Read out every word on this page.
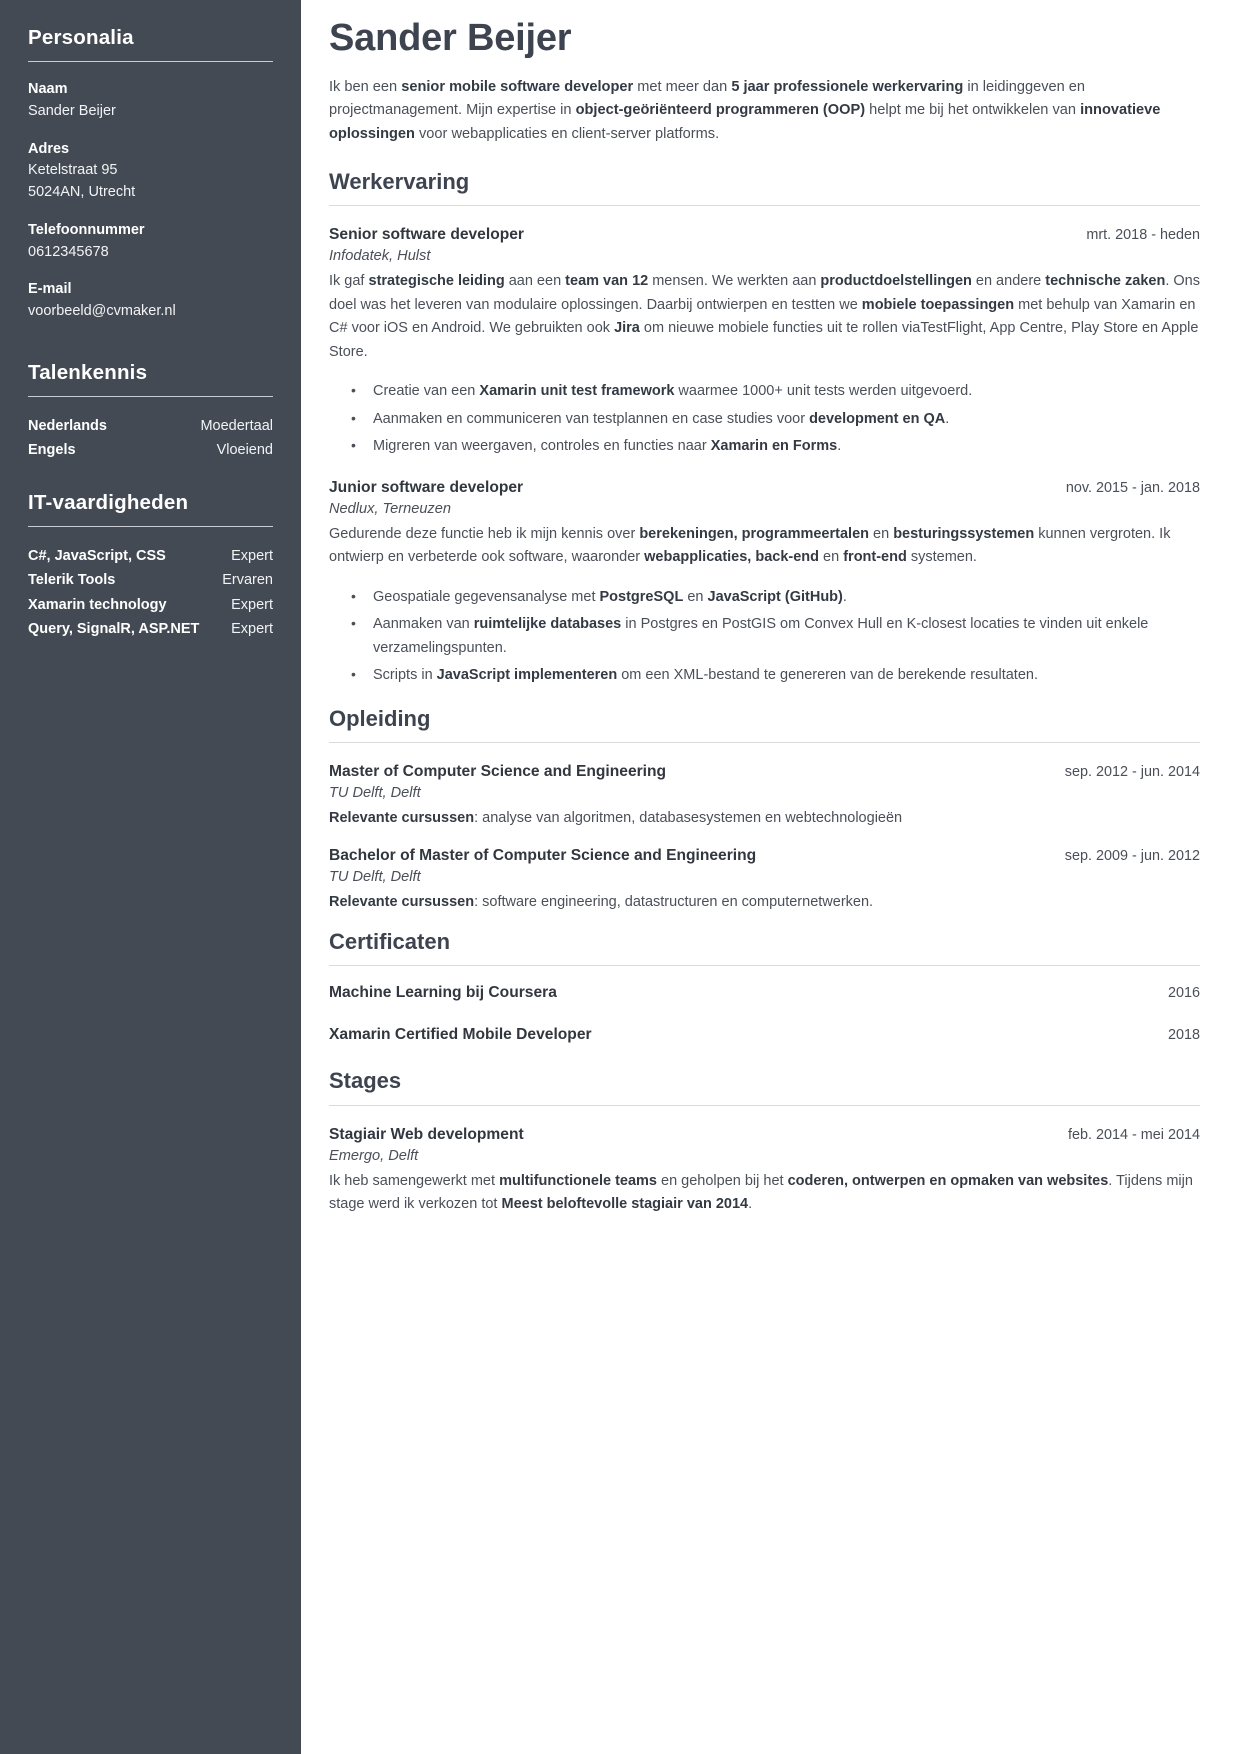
Personalia
Naam
Sander Beijer
Adres
Ketelstraat 95
5024AN, Utrecht
Telefoonnummer
0612345678
E-mail
voorbeeld@cvmaker.nl
Talenkennis
Nederlands	Moedertaal
Engels	Vloeiend
IT-vaardigheden
C#, JavaScript, CSS	Expert
Telerik Tools	Ervaren
Xamarin technology	Expert
Query, SignalR, ASP.NET Expert
Sander Beijer

Ik ben een senior mobile software developer met meer dan 5 jaar professionele werkervaring in leidinggeven en projectmanagement. Mijn expertise in object-geöriënteerd programmeren (OOP) helpt me bij het ontwikkelen van innovatieve oplossingen voor webapplicaties en client-server platforms.

Werkervaring
Senior software developer	mrt. 2018 - heden
Infodatek, Hulst

Ik gaf strategische leiding aan een team van 12 mensen. We werkten aan productdoelstellingen en andere technische zaken. Ons doel was het leveren van modulaire oplossingen. Daarbij ontwierpen en testten we mobiele toepassingen met behulp van Xamarin en C# voor iOS en Android. We gebruikten ook Jira om nieuwe mobiele functies uit te rollen viaTestFlight, App Centre, Play Store en Apple Store.

• Creatie van een Xamarin unit test framework waarmee 1000+ unit tests werden uitgevoerd.
• Aanmaken en communiceren van testplannen en case studies voor development en QA.
• Migreren van weergaven, controles en functies naar Xamarin en Forms.
Junior software developer	nov. 2015 - jan. 2018
Nedlux, Terneuzen

Gedurende deze functie heb ik mijn kennis over berekeningen, programmeertalen en besturingssystemen kunnen vergroten. Ik ontwierp en verbeterde ook software, waaronder webapplicaties, back-end en front-end systemen.

• Geospatiale gegevensanalyse met PostgreSQL en JavaScript (GitHub).
• Aanmaken van ruimtelijke databases in Postgres en PostGIS om Convex Hull en K-closest locaties te vinden uit enkele verzamelingspunten.
• Scripts in JavaScript implementeren om een XML-bestand te genereren van de berekende resultaten.
Opleiding
Master of Computer Science and Engineering	sep. 2012 - jun. 2014
TU Delft, Delft

Relevante cursussen: analyse van algoritmen, databasesystemen en webtechnologieën

Bachelor of Master of Computer Science and Engineering	sep. 2009 - jun. 2012
TU Delft, Delft

Relevante cursussen: software engineering, datastructuren en computernetwerken.

Certificaten
Machine Learning bij Coursera	2016
Xamarin Certified Mobile Developer	2018
Stages
Stagiair Web development	feb. 2014 - mei 2014
Emergo, Delft

Ik heb samengewerkt met multifunctionele teams en geholpen bij het coderen, ontwerpen en opmaken van websites. Tijdens mijn stage werd ik verkozen tot Meest beloftevolle stagiair van 2014.
